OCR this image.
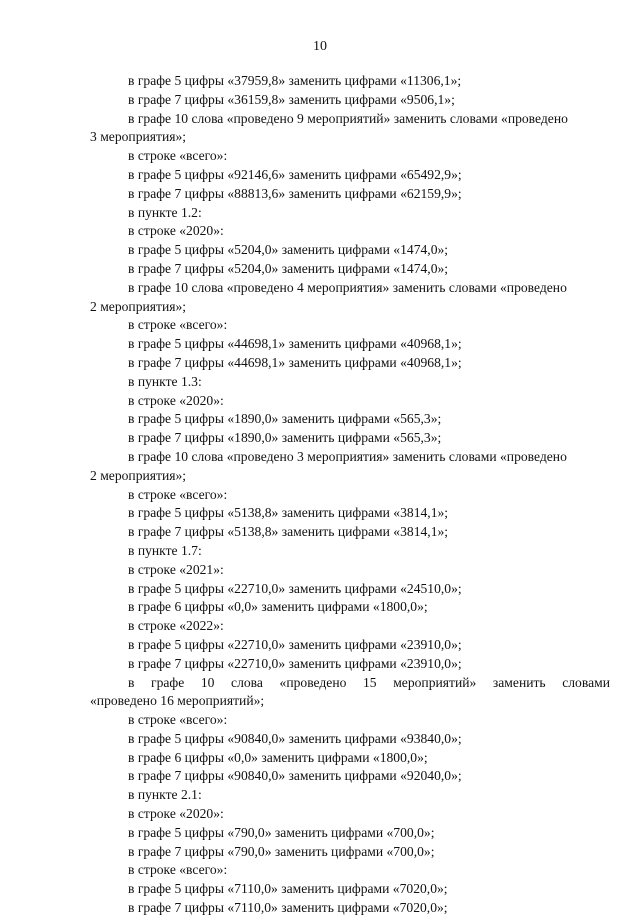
10
в графе 5 цифры «37959,8» заменить цифрами «11306,1»;
в графе 7 цифры «36159,8» заменить цифрами «9506,1»;
в графе 10 слова «проведено 9 мероприятий» заменить словами «проведено
3 мероприятия»;
в строке «всего»:
в графе 5 цифры «92146,6» заменить цифрами «65492,9»;
в графе 7 цифры «88813,6» заменить цифрами «62159,9»;
в пункте 1.2:
в строке «2020»:
в графе 5 цифры «5204,0» заменить цифрами «1474,0»;
в графе 7 цифры «5204,0» заменить цифрами «1474,0»;
в графе 10 слова «проведено 4 мероприятия» заменить словами «проведено
2 мероприятия»;
в строке «всего»:
в графе 5 цифры «44698,1» заменить цифрами «40968,1»;
в графе 7 цифры «44698,1» заменить цифрами «40968,1»;
в пункте 1.3:
в строке «2020»:
в графе 5 цифры «1890,0» заменить цифрами «565,3»;
в графе 7 цифры «1890,0» заменить цифрами «565,3»;
в графе 10 слова «проведено 3 мероприятия» заменить словами «проведено
2 мероприятия»;
в строке «всего»:
в графе 5 цифры «5138,8» заменить цифрами «3814,1»;
в графе 7 цифры «5138,8» заменить цифрами «3814,1»;
в пункте 1.7:
в строке «2021»:
в графе 5 цифры «22710,0» заменить цифрами «24510,0»;
в графе 6 цифры «0,0» заменить цифрами «1800,0»;
в строке «2022»:
в графе 5 цифры «22710,0» заменить цифрами «23910,0»;
в графе 7 цифры «22710,0» заменить цифрами «23910,0»;
в графе 10 слова «проведено 15 мероприятий» заменить словами
«проведено 16 мероприятий»;
в строке «всего»:
в графе 5 цифры «90840,0» заменить цифрами «93840,0»;
в графе 6 цифры «0,0» заменить цифрами «1800,0»;
в графе 7 цифры «90840,0» заменить цифрами «92040,0»;
в пункте 2.1:
в строке «2020»:
в графе 5 цифры «790,0» заменить цифрами «700,0»;
в графе 7 цифры «790,0» заменить цифрами «700,0»;
в строке «всего»:
в графе 5 цифры «7110,0» заменить цифрами «7020,0»;
в графе 7 цифры «7110,0» заменить цифрами «7020,0»;
